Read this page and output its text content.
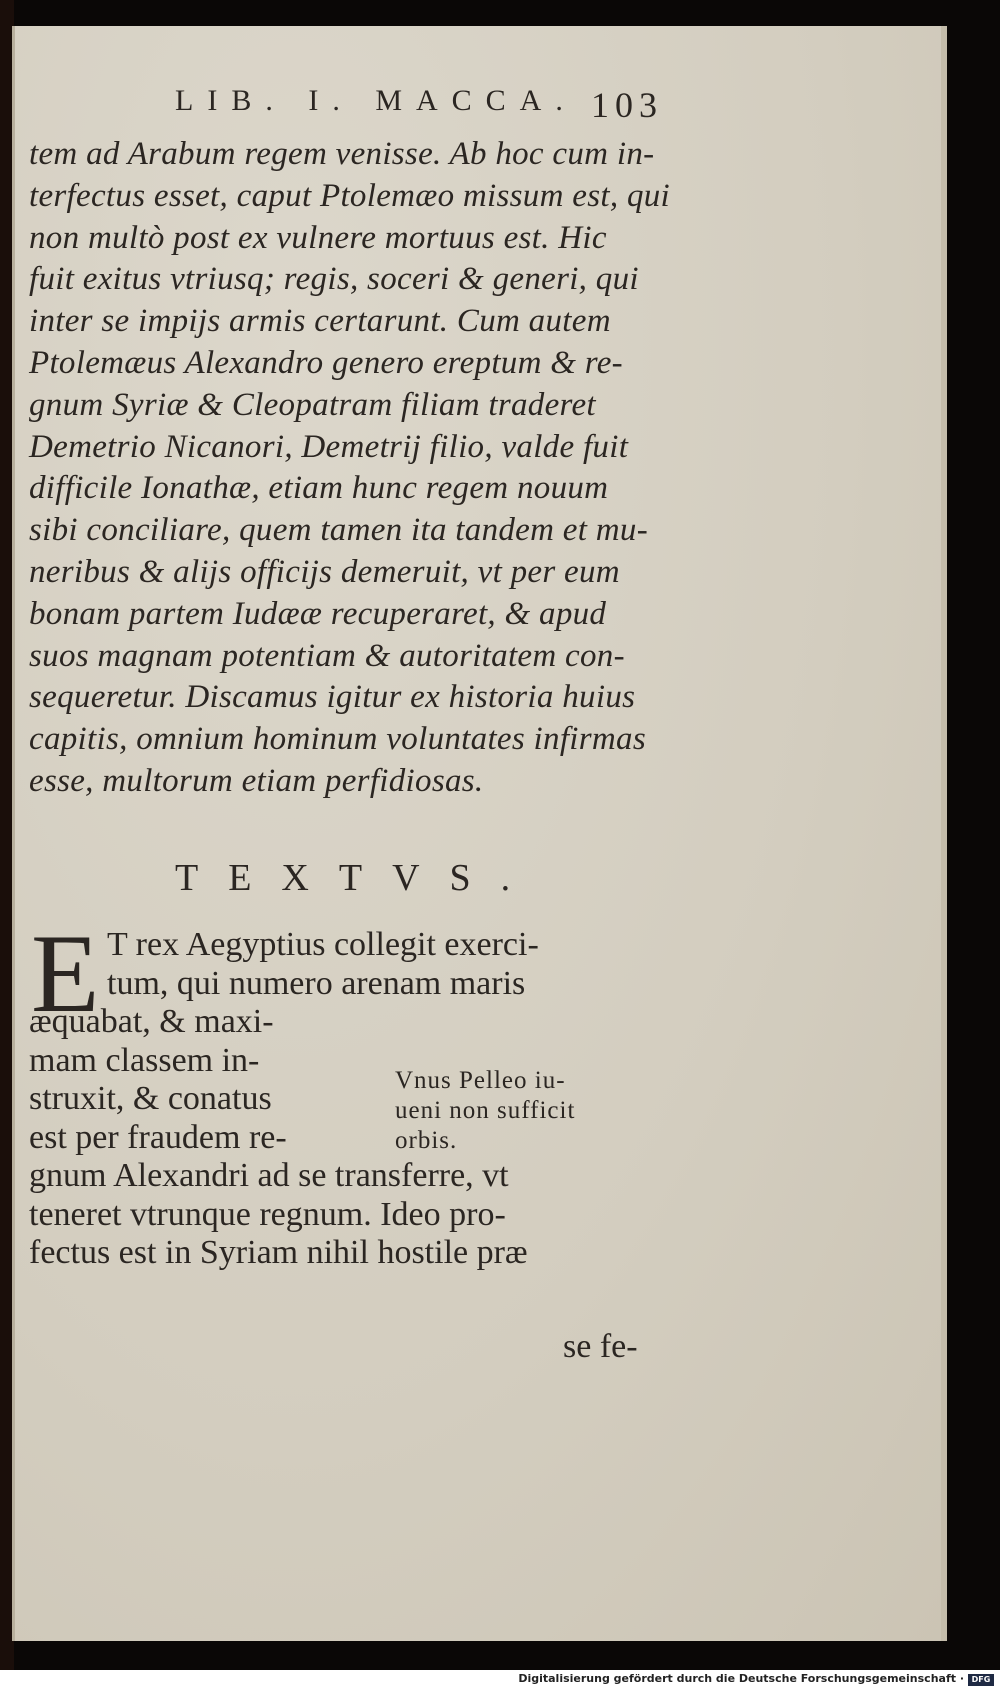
LIB. I. MACCA. 103
tem ad Arabum regem venisse. Ab hoc cum in-
terfectus esset, caput Ptolemæo missum est, qui
non multò post ex vulnere mortuus est. Hic
fuit exitus vtriusq; regis, soceri & generi, qui
inter se impijs armis certarunt. Cum autem
Ptolemæus Alexandro genero ereptum & re-
gnum Syriæ & Cleopatram filiam traderet
Demetrio Nicanori, Demetrij filio, valde fuit
difficile Ionathæ, etiam hunc regem nouum
sibi conciliare, quem tamen ita tandem et mu-
neribus & alijs officijs demeruit, vt per eum
bonam partem Iudææ recuperaret, & apud
suos magnam potentiam & autoritatem con-
sequeretur. Discamus igitur ex historia huius
capitis, omnium hominum voluntates infirmas
esse, multorum etiam perfidiosas.
TEXTVS.
E T rex Aegyptius collegit exerci-
tum, qui numero arenam maris
æquabat, & maxi-
mam classem in-
struxit, & conatus
est per fraudem re-
Vnus Pelleo iu-
ueni non sufficit
orbis.
gnum Alexandri ad se transferre, vt
teneret vtrunque regnum. Ideo pro-
fectus est in Syriam nihil hostile præ
se fe-
Digitalisierung gefördert durch die Deutsche Forschungsgemeinschaft · DFG
